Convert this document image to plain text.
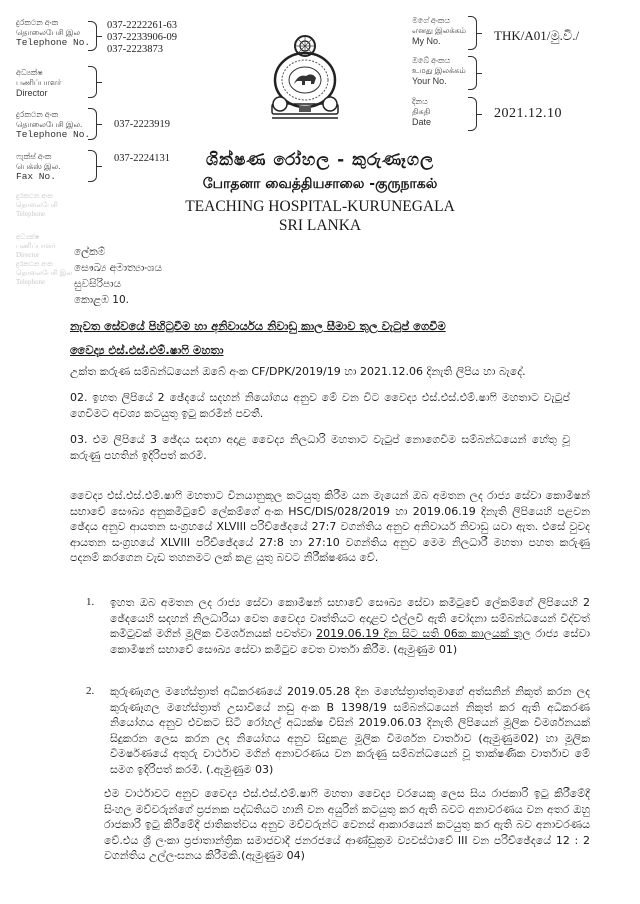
දුරකථන අංක
தொலைபேசி இல
Telephone No.
037-2222261-63
037-2233906-09
037-2223873
අධ්‍යක්ෂ
பணிப்பாளர்
Director
දුරකථන අංක
தொலைபேசி இல.
Telephone No.
037-2223919
ෆැක්ස් අංක
பெக்ஸ் இல.
Fax No.
037-2224131
දුරකථන අංක
தொலைபேசி
Telephone
අධ්‍යක්ෂ
பணிப்பாளர்
Director
දුරකථන අංක
தொலைபேசி இல
Telephone
මගේ අංකය
எனது இலக்கம்
My No.	THK/A01/මු.වි./
ඔබේ අංකය
உமது இலக்கம்
Your No.
දිනය
திகதி
Date
2021.12.10
ශික්ෂණ රෝහල - කුරුණෑගල
போதனா வைத்தியசாலை -குருநாகல்
TEACHING HOSPITAL-KURUNEGALA
SRI LANKA
ලේකම්
සෞඛ්‍ය අමාත්‍යාංශය
සුවසිරිපාය
කොළඹ 10.
නැවත සේවයේ පිහිටුවීම හා අනිවාර්යය නිවාඩු කාල සීමාව තුල වැටුප් ගෙවීම
වෛද්‍ය එස්.එස්.එම්.ෂාෆි මහතා
උක්ත කරුණ සම්බන්ධයෙන් ඔබේ අංක CF/DPK/2019/19 හා 2021.12.06 දිනැති ලිපිය හා බැදේ.
02. ඉහත ලිපියේ 2 ඡේදයේ සදහන් නියෝගය අනුව මේ වන විට වෛද්‍ය එස්.එස්.එම්.ෂාෆි මහතාට වැටුප් ගෙවීමට අවශ්‍ය කටයුතු ඉටු කරමින් පවතී.
03. එම ලිපියේ 3 ඡේදය සඳහා අදාළ වෛද්‍ය නිලධාරි මහතාට වැටුප් නොගෙවීම සම්බන්ධයෙන් හේතු වූ කරුණු පහතින් ඉදිරිපත් කරමි.
වෛද්‍ය එස්.එස්.එම්.ෂාෆි මහතාට විනයානුකූල කටයුතු කිරීම යන මැයෙන් ඔබ අමතන ලද රාජ්‍ය සේවා කොමිෂන් සභාවේ සෞඛ්‍ය අනුකමිටුවේ ලේකම්ගේ අංක HSC/DIS/028/2019 හා 2019.06.19 දිනැති ලිපියෙහි පළවන ඡේදය අනුව ආයතන සංග්‍රහයේ XLVIII පරිච්ඡේදයේ 27:7 වගන්තිය අනුව අනිවාර්ය නිවාඩු යවා ඇත. එසේ වුවද ආයතන සංග්‍රහයේ XLVIII පරිච්ඡේදයේ 27:8 හා 27:10 වගන්තිය අනුව මෙම නිලධාරී මහතා පහත කරුණු පදනම් කරගෙන වැඩ තහනමට ලක් කළ යුතු බවට නිරීක්ෂණය වේ.
1. ඉහත ඔබ අමතන ලද රාජ්‍ය සේවා කොමිෂන් සභාවේ සෞඛ්‍ය සේවා කමිටුවේ ලේකම්ගේ ලිපියෙහි 2 ඡේදයෙහි සදහන් නිලධාරියා වෙත වෛද්‍ය වෘත්තියට අදාළව එල්ලවී ඇති චෝදනා සම්බන්ධයෙන් විද්වත් කමිටුවක් මගින් මූලික විමර්ශනයක් පවත්වා 2019.06.19 දින සිට සති 06ක කාලයක් තුල රාජ්‍ය සේවා කොමිෂන් සභාවේ සෞඛ්‍ය සේවා කමිටුව වෙත වාර්තා කිරීම. (ඇමුණුම 01)
2. කුරුණෑගල මහේස්ත්‍රාත් අධිකරණයේ 2019.05.28 දින මහේස්ත්‍රාත්තුමාගේ අත්සනින් නිකුත් කරන ලද කුරුණෑගල මහේස්ත්‍රාත් උසාවියේ නඩු අංක B 1398/19 සම්බන්ධයෙන් නිකුත් කර ඇති අධිකරණ නියෝගය අනුව එවකට සිටි රෝහල් අධ්‍යක්ෂ විසින් 2019.06.03 දිනැති ලිපියෙන් මූලික විමර්ශනයක් සිදුකරන ලෙස කරන ලද නියෝගය අනුව සිදුකළ මූලික විමර්ශන වාර්තාව (ඇමුණුම02) හා මූලික විමර්ෂණයේ අතුරු වාර්ථාව මගින් අනාවරණය වන කරුණු සම්බන්ධයෙන් වූ තාක්ෂණික වාර්තාව මේ සමග ඉදිරිපත් කරමි. (.ඇමුණුම 03)
එම වාර්ථාවට අනුව වෛද්‍ය එස්.එස්.එම්.ෂාෆි මහතා වෛද්‍ය වරයෙකු ලෙස සිය රාජකාරි ඉටු කිරීමේදී සිංහල මව්වරුන්ගේ ප්‍රජනක පද්ධතියට හානි වන අයුරින් කටයුතු කර ඇති බවට අනාවරණය වන අතර ඔහු රාජකාරි ඉටු කිරීමේදී ජාතිකත්වය අනුව මව්වරුන්ට වෙනස් ආකාරයෙන් කටයුතු කර ඇති බව අනාවරණය වේ.එය ශ්‍රී ලංකා ප්‍රජාතාන්ත්‍රික සමාජවාදී ජනරජයේ ආණ්ඩුක්‍රම ව්‍යවස්ථාවේ III වන පරිච්ඡේදයේ 12 : 2 වගන්තිය උල්ලංඝනය කිරීමකි.(ඇමුණුම 04)
